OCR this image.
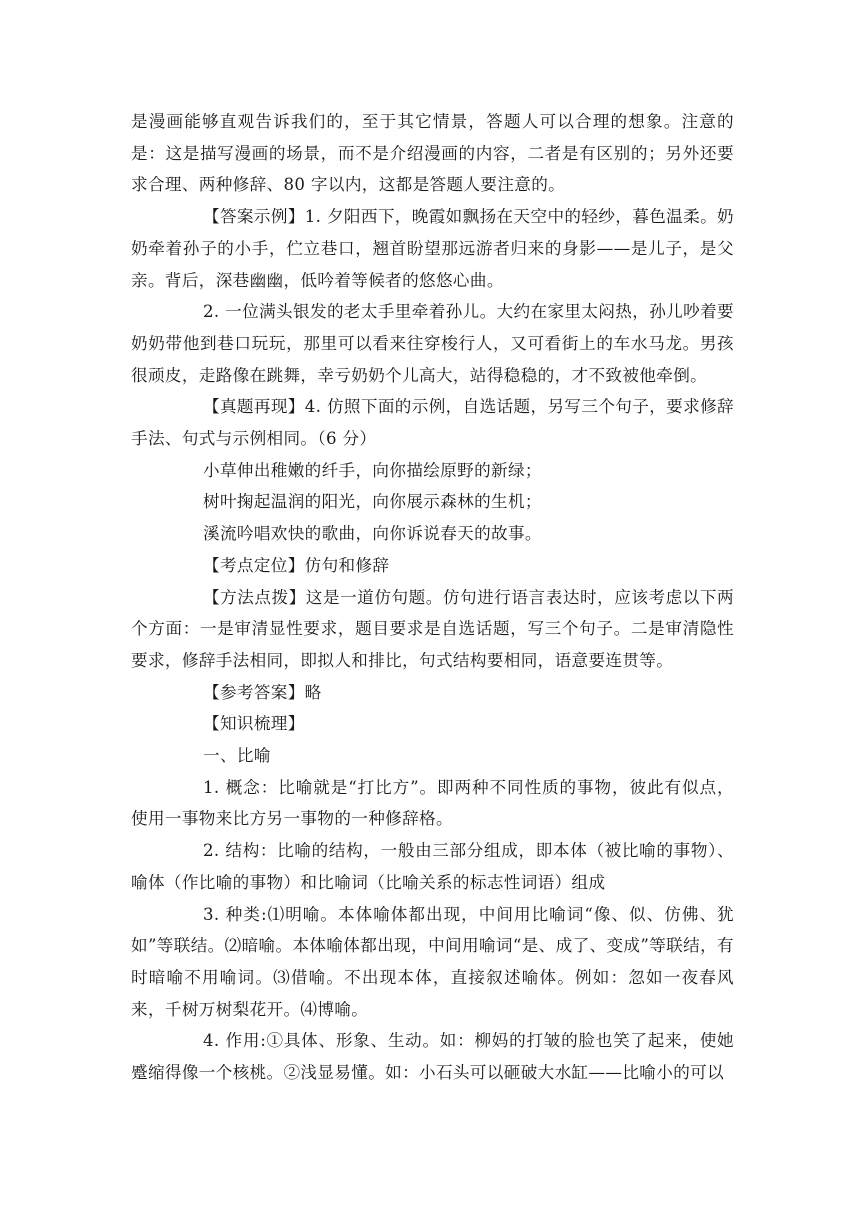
是漫画能够直观告诉我们的，至于其它情景，答题人可以合理的想象。注意的是：这是描写漫画的场景，而不是介绍漫画的内容，二者是有区别的；另外还要求合理、两种修辞、80 字以内，这都是答题人要注意的。

【答案示例】1. 夕阳西下，晚霞如飘扬在天空中的轻纱，暮色温柔。奶奶牵着孙子的小手，伫立巷口，翘首盼望那远游者归来的身影——是儿子，是父亲。背后，深巷幽幽，低吟着等候者的悠悠心曲。

2. 一位满头银发的老太手里牵着孙儿。大约在家里太闷热，孙儿吵着要奶奶带他到巷口玩玩，那里可以看来往穿梭行人，又可看街上的车水马龙。男孩很顽皮，走路像在跳舞，幸亏奶奶个儿高大，站得稳稳的，才不致被他牵倒。

【真题再现】4. 仿照下面的示例，自选话题，另写三个句子，要求修辞手法、句式与示例相同。（6 分）

小草伸出稚嫩的纤手，向你描绘原野的新绿；

树叶掬起温润的阳光，向你展示森林的生机；

溪流吟唱欢快的歌曲，向你诉说春天的故事。

【考点定位】仿句和修辞

【方法点拨】这是一道仿句题。仿句进行语言表达时，应该考虑以下两个方面：一是审清显性要求，题目要求是自选话题，写三个句子。二是审清隐性要求，修辞手法相同，即拟人和排比，句式结构要相同，语意要连贯等。

【参考答案】略

【知识梳理】

一、比喻

1. 概念：比喻就是“打比方”。即两种不同性质的事物，彼此有似点，使用一事物来比方另一事物的一种修辞格。

2. 结构：比喻的结构，一般由三部分组成，即本体（被比喻的事物）、喻体（作比喻的事物）和比喻词（比喻关系的标志性词语）组成

3. 种类:⑴明喻。本体喻体都出现，中间用比喻词“像、似、仿佛、犹如”等联结。⑵暗喻。本体喻体都出现，中间用喻词“是、成了、变成”等联结，有时暗喻不用喻词。⑶借喻。不出现本体，直接叙述喻体。例如：忽如一夜春风来，千树万树梨花开。⑷博喻。

4. 作用:①具体、形象、生动。如：柳妈的打皱的脸也笑了起来，使她蹙缩得像一个核桃。②浅显易懂。如：小石头可以砸破大水缸——比喻小的可以
